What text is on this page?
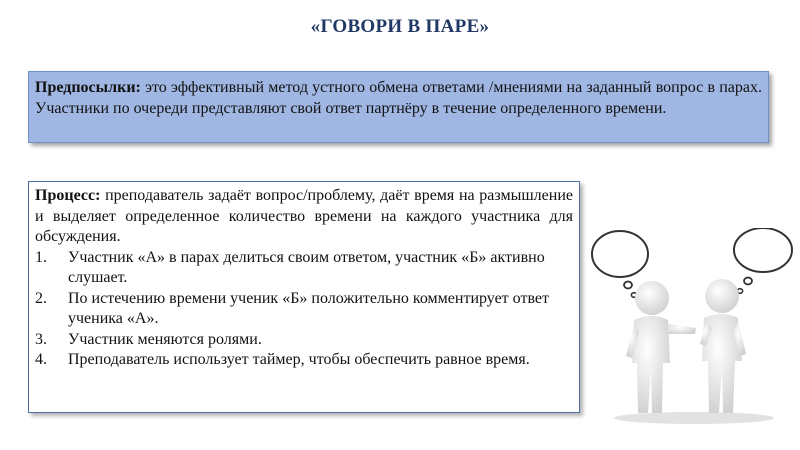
«ГОВОРИ В ПАРЕ»
Предпосылки: это эффективный метод устного обмена ответами /мнениями на заданный вопрос в парах. Участники по очереди представляют свой ответ партнёру в течение определенного времени.
Процесс: преподаватель задаёт вопрос/проблему, даёт время на размышление и выделяет определенное количество времени на каждого участника для обсуждения.
1. Участник «А» в парах делиться своим ответом, участник «Б» активно слушает.
2. По истечению времени ученик «Б» положительно комментирует ответ ученика «А».
3. Участник меняются ролями.
4. Преподаватель использует таймер, чтобы обеспечить равное время.
